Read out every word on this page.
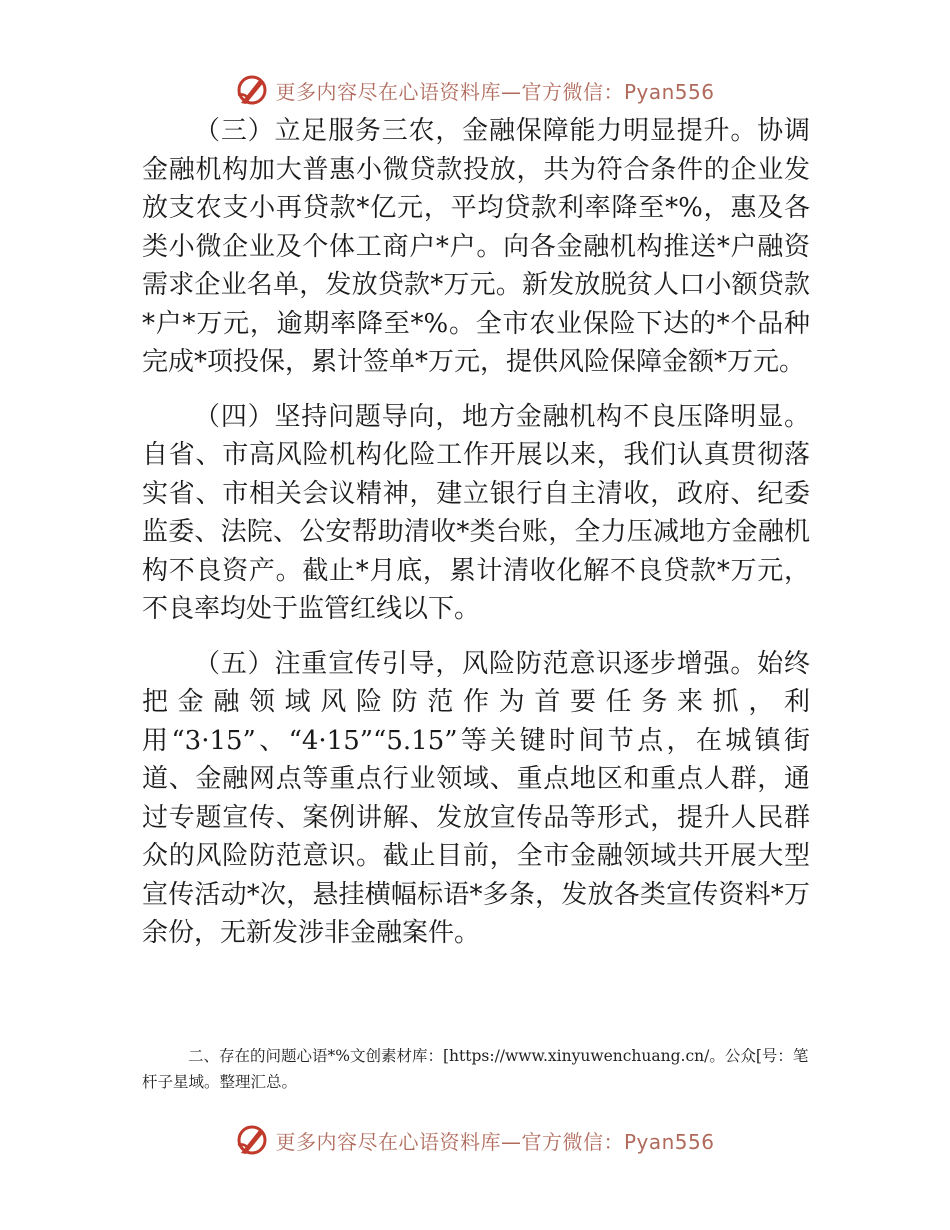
更多内容尽在心语资料库—官方微信：Pyan556

（三）立足服务三农，金融保障能力明显提升。协调金融机构加大普惠小微贷款投放，共为符合条件的企业发放支农支小再贷款*亿元，平均贷款利率降至*%，惠及各类小微企业及个体工商户*户。向各金融机构推送*户融资需求企业名单，发放贷款*万元。新发放脱贫人口小额贷款*户*万元，逾期率降至*%。全市农业保险下达的*个品种完成*项投保，累计签单*万元，提供风险保障金额*万元。

（四）坚持问题导向，地方金融机构不良压降明显。自省、市高风险机构化险工作开展以来，我们认真贯彻落实省、市相关会议精神，建立银行自主清收，政府、纪委监委、法院、公安帮助清收*类台账，全力压减地方金融机构不良资产。截止*月底，累计清收化解不良贷款*万元，不良率均处于监管红线以下。

（五）注重宣传引导，风险防范意识逐步增强。始终把金融领域风险防范作为首要任务来抓，利

用“3·15”、“4·15”“5.15”等关键时间节点，在城镇街道、金融网点等重点行业领域、重点地区和重点人群，通过专题宣传、案例讲解、发放宣传品等形式，提升人民群众的风险防范意识。截止目前，全市金融领域共开展大型宣传活动*次，悬挂横幅标语*多条，发放各类宣传资料*万余份，无新发涉非金融案件。

二、存在的问题心语*%文创素材库：[https://www.xinyuwenchuang.cn/。公众[号：笔杆子星域。整理汇总。

更多内容尽在心语资料库—官方微信：Pyan556
